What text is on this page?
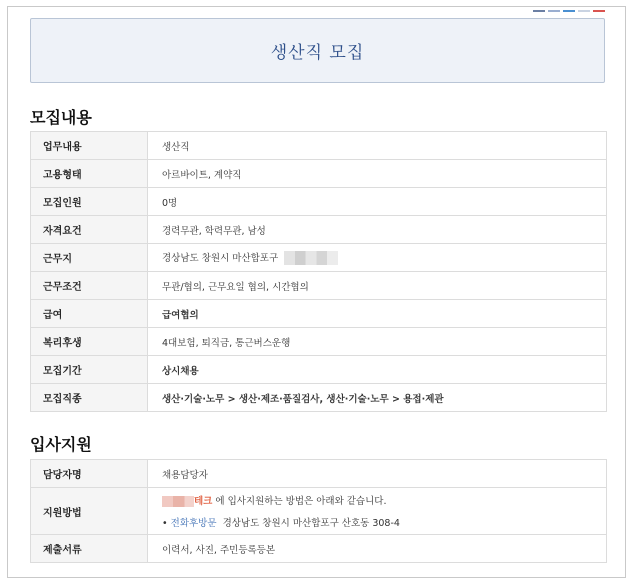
생산직 모집
모집내용
업무내용	생산직
고용형태	아르바이트, 계약직
모집인원	0명
자격요건	경력무관, 학력무관, 남성
근무지	경상남도 창원시 마산합포구
근무조건	무관/협의, 근무요일 협의, 시간협의
급여	급여협의
복리후생	4대보험, 퇴직금, 통근버스운행
모집기간	상시채용
모집직종	생산·기술·노무 > 생산·제조·품질검사, 생산·기술·노무 > 용접·제관
입사지원
담당자명	채용담당자
지원방법	테크 에 입사지원하는 방법은 아래와 같습니다.
• 전화후방문 경상남도 창원시 마산합포구 산호동 308-4

제출서류	이력서, 사진, 주민등록등본
